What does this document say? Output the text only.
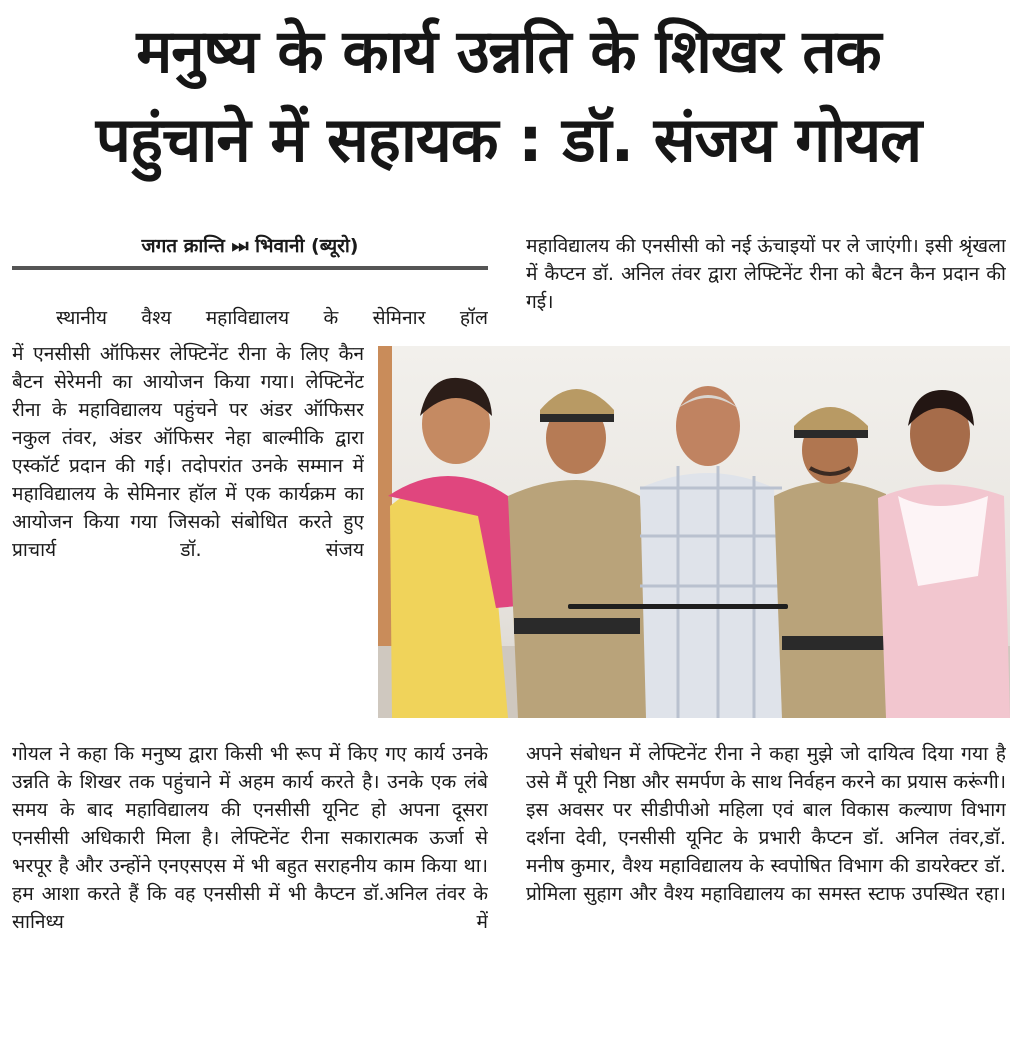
मनुष्य के कार्य उन्नति के शिखर तक
पहुंचाने में सहायक : डॉ. संजय गोयल
जगत क्रान्ति ⏭ भिवानी (ब्यूरो)
स्थानीय वैश्य महाविद्यालय के सेमिनार हॉल
में एनसीसी ऑफिसर लेफ्टिनेंट रीना के लिए कैन बैटन सेरेमनी का आयोजन किया गया। लेफ्टिनेंट रीना के महाविद्यालय पहुंचने पर अंडर ऑफिसर नकुल तंवर, अंडर ऑफिसर नेहा बाल्मीकि द्वारा एस्कॉर्ट प्रदान की गई। तदोपरांत उनके सम्मान में महाविद्यालय के सेमिनार हॉल में एक कार्यक्रम का आयोजन किया गया जिसको संबोधित करते हुए प्राचार्य डॉ. संजय
गोयल ने कहा कि मनुष्य द्वारा किसी भी रूप में किए गए कार्य उनके उन्नति के शिखर तक पहुंचाने में अहम कार्य करते है। उनके एक लंबे समय के बाद महाविद्यालय की एनसीसी यूनिट हो अपना दूसरा एनसीसी अधिकारी मिला है। लेफ्टिनेंट रीना सकारात्मक ऊर्जा से भरपूर है और उन्होंने एनएसएस में भी बहुत सराहनीय काम किया था।हम आशा करते हैं कि वह एनसीसी में भी कैप्टन डॉ.अनिल तंवर के सानिध्य में
महाविद्यालय की एनसीसी को नई ऊंचाइयों पर ले जाएंगी। इसी श्रृंखला में कैप्टन डॉ. अनिल तंवर द्वारा लेफ्टिनेंट रीना को बैटन कैन प्रदान की गई।
अपने संबोधन में लेफ्टिनेंट रीना ने कहा मुझे जो दायित्व दिया गया है उसे मैं पूरी निष्ठा और समर्पण के साथ निर्वहन करने का प्रयास करूंगी। इस अवसर पर सीडीपीओ महिला एवं बाल विकास कल्याण विभाग दर्शना देवी, एनसीसी यूनिट के प्रभारी कैप्टन डॉ. अनिल तंवर,डॉ. मनीष कुमार, वैश्य महाविद्यालय के स्वपोषित विभाग की डायरेक्टर डॉ. प्रोमिला सुहाग और वैश्य महाविद्यालय का समस्त स्टाफ उपस्थित रहा।
